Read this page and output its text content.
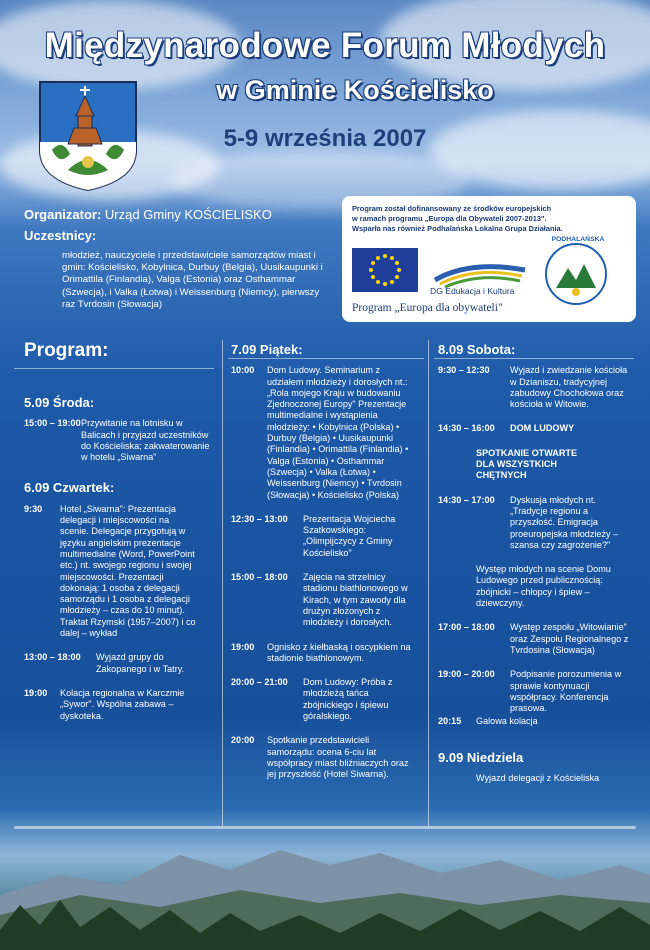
Międzynarodowe Forum Młodych
w Gminie Kościelisko
5-9 września 2007
Organizator: Urząd Gminy KOŚCIELISKO
Uczestnicy:
młodzież, nauczyciele i przedstawiciele samorządów miast i gmin: Kościelisko, Kobylnica, Durbuy (Belgia), Uusikaupunki i Orimattila (Finlandia), Valga (Estonia) oraz Osthammar (Szwecja), i Valka (Łotwa) i Weissenburg (Niemcy), pierwszy raz Tvrdosin (Słowacja)
Program został dofinansowany ze środków europejskich
w ramach programu „Europa dla Obywateli 2007-2013".
Wsparła nas również Podhalańska Lokalna Grupa Działania.
DG Edukacja i Kultura
PODHALAŃSKA
Program „Europa dla obywateli"
Program:
5.09 Środa:
15:00 – 19:00 Przywitanie na lotnisku w Balicach i przyjazd uczestników do Kościeliska; zakwaterowanie w hotelu „Siwarna"
6.09 Czwartek:
9:30	Hotel „Siwarna": Prezentacja delegacji i miejscowości na scenie. Delegacje przygotują w języku angielskim prezentacje multimedialne (Word, PowerPoint etc.) nt. swojego regionu i swojej miejscowości. Prezentacji dokonają: 1 osoba z delegacji samorządu i 1 osoba z delegacji młodzieży – czas do 10 minut). Traktat Rzymski (1957–2007) i co dalej – wykład
13:00 – 18:00	Wyjazd grupy do Zakopanego i w Tatry.
19:00	Kolacja regionalna w Karczmie „Sywor". Wspólna zabawa – dyskoteka.
7.09 Piątek:
10:00	Dom Ludowy. Seminarium z udziałem młodzieży i dorosłych nt.: „Rola mojego Kraju w budowaniu Zjednoczonej Europy" Prezentacje multimedialne i wystąpienia młodzieży: • Kobylnica (Polska) • Durbuy (Belgia) • Uusikaupunki (Finlandia) • Orimattila (Finlandia) • Valga (Estonia) • Osthammar (Szwecja) • Valka (Łotwa) • Weissenburg (Niemcy) • Tvrdosin (Słowacja) • Kościelisko (Polska)
12:30 – 13:00	Prezentacja Wojciecha Szatkowskiego: „Olimpijczycy z Gminy Kościelisko"
15:00 – 18:00	Zajęcia na strzelnicy stadionu biathlonowego w Kirach, w tym zawody dla drużyn złożonych z młodzieży i dorosłych.
19:00	Ognisko z kiełbaską i oscypkiem na stadionie biathlonowym.
20:00 – 21:00	Dom Ludowy: Próba z młodzieżą tańca zbójnickiego i śpiewu góralskiego.
20:00	Spotkanie przedstawicieli samorządu: ocena 6-ciu lat współpracy miast bliźniaczych oraz jej przyszłość (Hotel Siwarna).
8.09 Sobota:
9:30 – 12:30	Wyjazd i zwiedzanie kościoła w Dzianiszu, tradycyjnej zabudowy Chochołowa oraz kościoła w Witowie.
14:30 – 16:00	DOM LUDOWY
SPOTKANIE OTWARTE DLA WSZYSTKICH CHĘTNYCH
14:30 – 17:00	Dyskusja młodych nt. „Tradycje regionu a przyszłość. Emigracja proeuropejska młodzieży – szansa czy zagrożenie?"
Występ młodych na scenie Domu Ludowego przed publicznością: zbójnicki – chłopcy i śpiew – dziewczyny.
17:00 – 18:00	Występ zespołu „Witowianie" oraz Zespołu Regionalnego z Tvrdosina (Słowacja)
19:00 – 20:00	Podpisanie porozumienia w sprawie kontynuacji współpracy. Konferencja prasowa.
20:15	Galowa kolacja
9.09 Niedziela
Wyjazd delegacji z Kościeliska
